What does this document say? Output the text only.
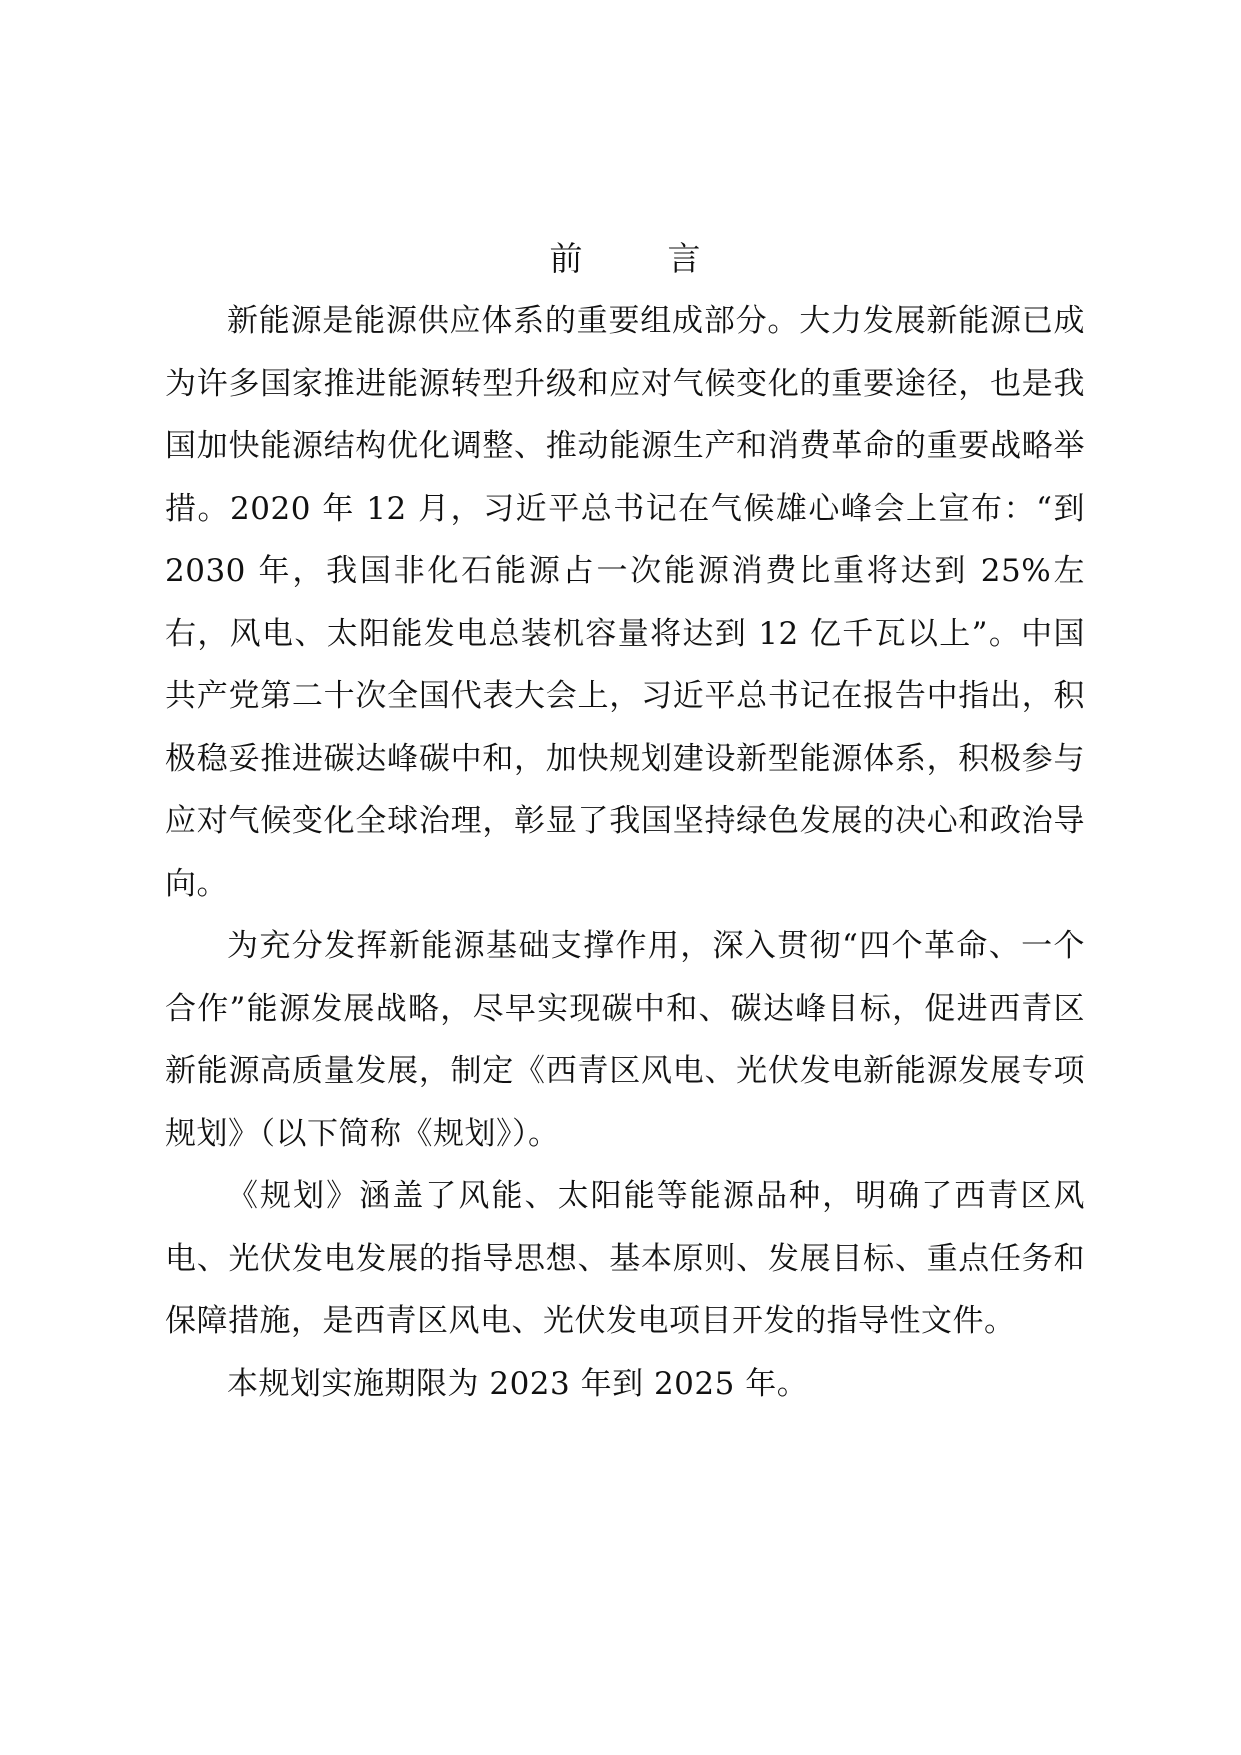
前　言

新能源是能源供应体系的重要组成部分。大力发展新能源已成为许多国家推进能源转型升级和应对气候变化的重要途径，也是我国加快能源结构优化调整、推动能源生产和消费革命的重要战略举措。2020 年 12 月，习近平总书记在气候雄心峰会上宣布：“到 2030 年，我国非化石能源占一次能源消费比重将达到 25%左右，风电、太阳能发电总装机容量将达到 12 亿千瓦以上”。中国共产党第二十次全国代表大会上，习近平总书记在报告中指出，积极稳妥推进碳达峰碳中和，加快规划建设新型能源体系，积极参与应对气候变化全球治理，彰显了我国坚持绿色发展的决心和政治导向。

为充分发挥新能源基础支撑作用，深入贯彻“四个革命、一个合作”能源发展战略，尽早实现碳中和、碳达峰目标，促进西青区新能源高质量发展，制定《西青区风电、光伏发电新能源发展专项规划》（以下简称《规划》）。

《规划》涵盖了风能、太阳能等能源品种，明确了西青区风电、光伏发电发展的指导思想、基本原则、发展目标、重点任务和保障措施，是西青区风电、光伏发电项目开发的指导性文件。

本规划实施期限为 2023 年到 2025 年。
